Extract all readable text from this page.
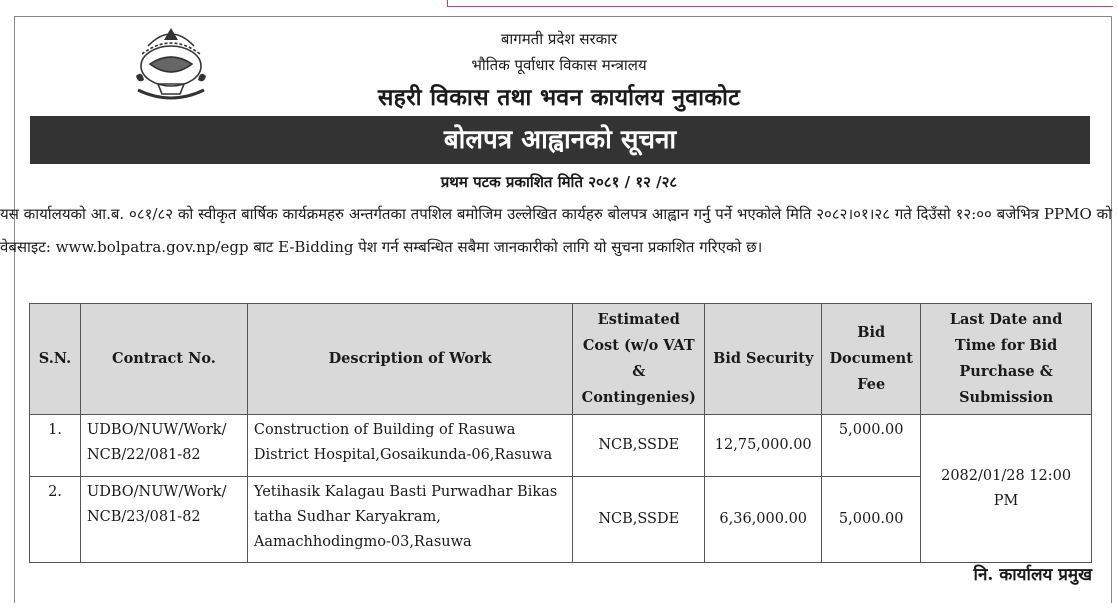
बागमती प्रदेश सरकार
भौतिक पूर्वाधार विकास मन्त्रालय
सहरी विकास तथा भवन कार्यालय नुवाकोट
बोलपत्र आह्वानको सूचना
प्रथम पटक प्रकाशित मिति २०८१ / १२ /२८

यस कार्यालयको आ.ब. ०८१/८२ को स्वीकृत बार्षिक कार्यक्रमहरु अन्तर्गतका तपशिल बमोजिम उल्लेखित कार्यहरु बोलपत्र आह्वान गर्नु पर्ने भएकोले मिति २०८२।०१।२८ गते दिउँसो १२:०० बजेभित्र PPMO को वेबसाइट: www.bolpatra.gov.np/egp बाट E-Bidding पेश गर्न सम्बन्धित सबैमा जानकारीको लागि यो सुचना प्रकाशित गरिएको छ।

S.N.	Contract No.	Description of Work	Estimated Cost (w/o VAT & Contingenies)	Bid Security	Bid Document Fee	Last Date and Time for Bid Purchase & Submission
1.	UDBO/NUW/Work/ NCB/22/081-82	Construction of Building of Rasuwa District Hospital,Gosaikunda-06,Rasuwa	NCB,SSDE	12,75,000.00	5,000.00	2082/01/28 12:00 PM
2.	UDBO/NUW/Work/ NCB/23/081-82	Yetihasik Kalagau Basti Purwadhar Bikas tatha Sudhar Karyakram, Aamachhodingmo-03,Rasuwa	NCB,SSDE	6,36,000.00	5,000.00	
नि. कार्यालय प्रमुख
